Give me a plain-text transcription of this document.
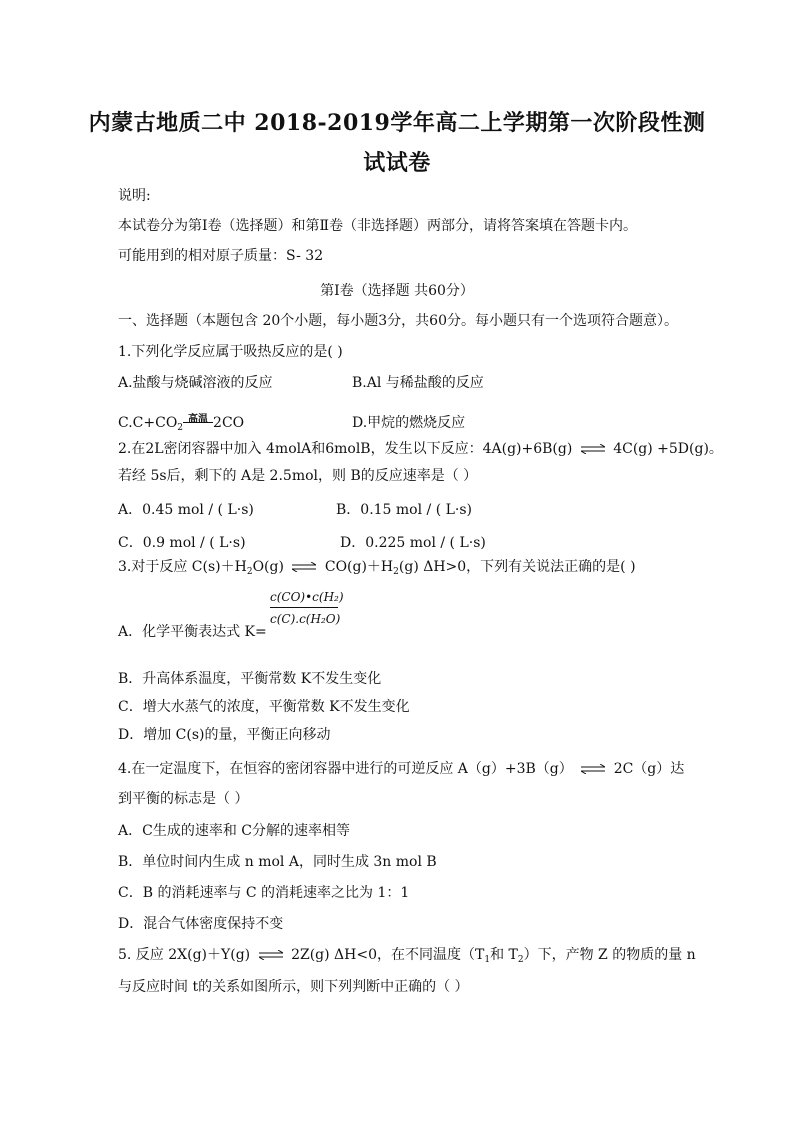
内蒙古地质二中 2018-2019学年高二上学期第一次阶段性测
试试卷
说明:
本试卷分为第Ⅰ卷（选择题）和第Ⅱ卷（非选择题）两部分，请将答案填在答题卡内。
可能用到的相对原子质量：S- 32
第Ⅰ卷（选择题 共60分）
一、选择题（本题包含 20个小题，每小题3分，共60分。每小题只有一个选项符合题意）。
1.下列化学反应属于吸热反应的是( )
A.盐酸与烧碱溶液的反应	B.Al 与稀盐酸的反应
$C.C+CO_2$
高温 2CO	D.甲烷的燃烧反应
2.在2L密闭容器中加入 4molA和6molB，发生以下反应：4A(g)+6B(g) ⇌ 4C(g) +5D(g)。
若经 5s后，剩下的 A是 2.5mol，则 B的反应速率是（ ）
A．0.45 mol / ( L·s)	B．0.15 mol / ( L·s)
C．0.9 mol / ( L·s)	D．0.225 mol / ( L·s)
3.对于反应 $C(s)+H_2O(g)$ ⇌ $CO(g)+H_2(g)$ ΔH>0，下列有关说法正确的是( )
c(CO)•c(H₂)
c(C).c(H₂O)
A．化学平衡表达式 K=
B．升高体系温度，平衡常数 K不发生变化
C．增大水蒸气的浓度，平衡常数 K不发生变化
D．增加 C(s)的量，平衡正向移动
4.在一定温度下，在恒容的密闭容器中进行的可逆反应 A（g）+3B（g） ⇌ 2C（g）达
到平衡的标志是（ ）
A．C生成的速率和 C分解的速率相等
B．单位时间内生成 n mol A，同时生成 3n mol B
C．B 的消耗速率与 C 的消耗速率之比为 1：1
D．混合气体密度保持不变
5. 反应 2X(g)＋Y(g) ⇌ 2Z(g) ΔH<0，在不同温度（$T_1$和 $T_2$）下，产物 Z 的物质的量 n
与反应时间 t的关系如图所示，则下列判断中正确的（ ）
